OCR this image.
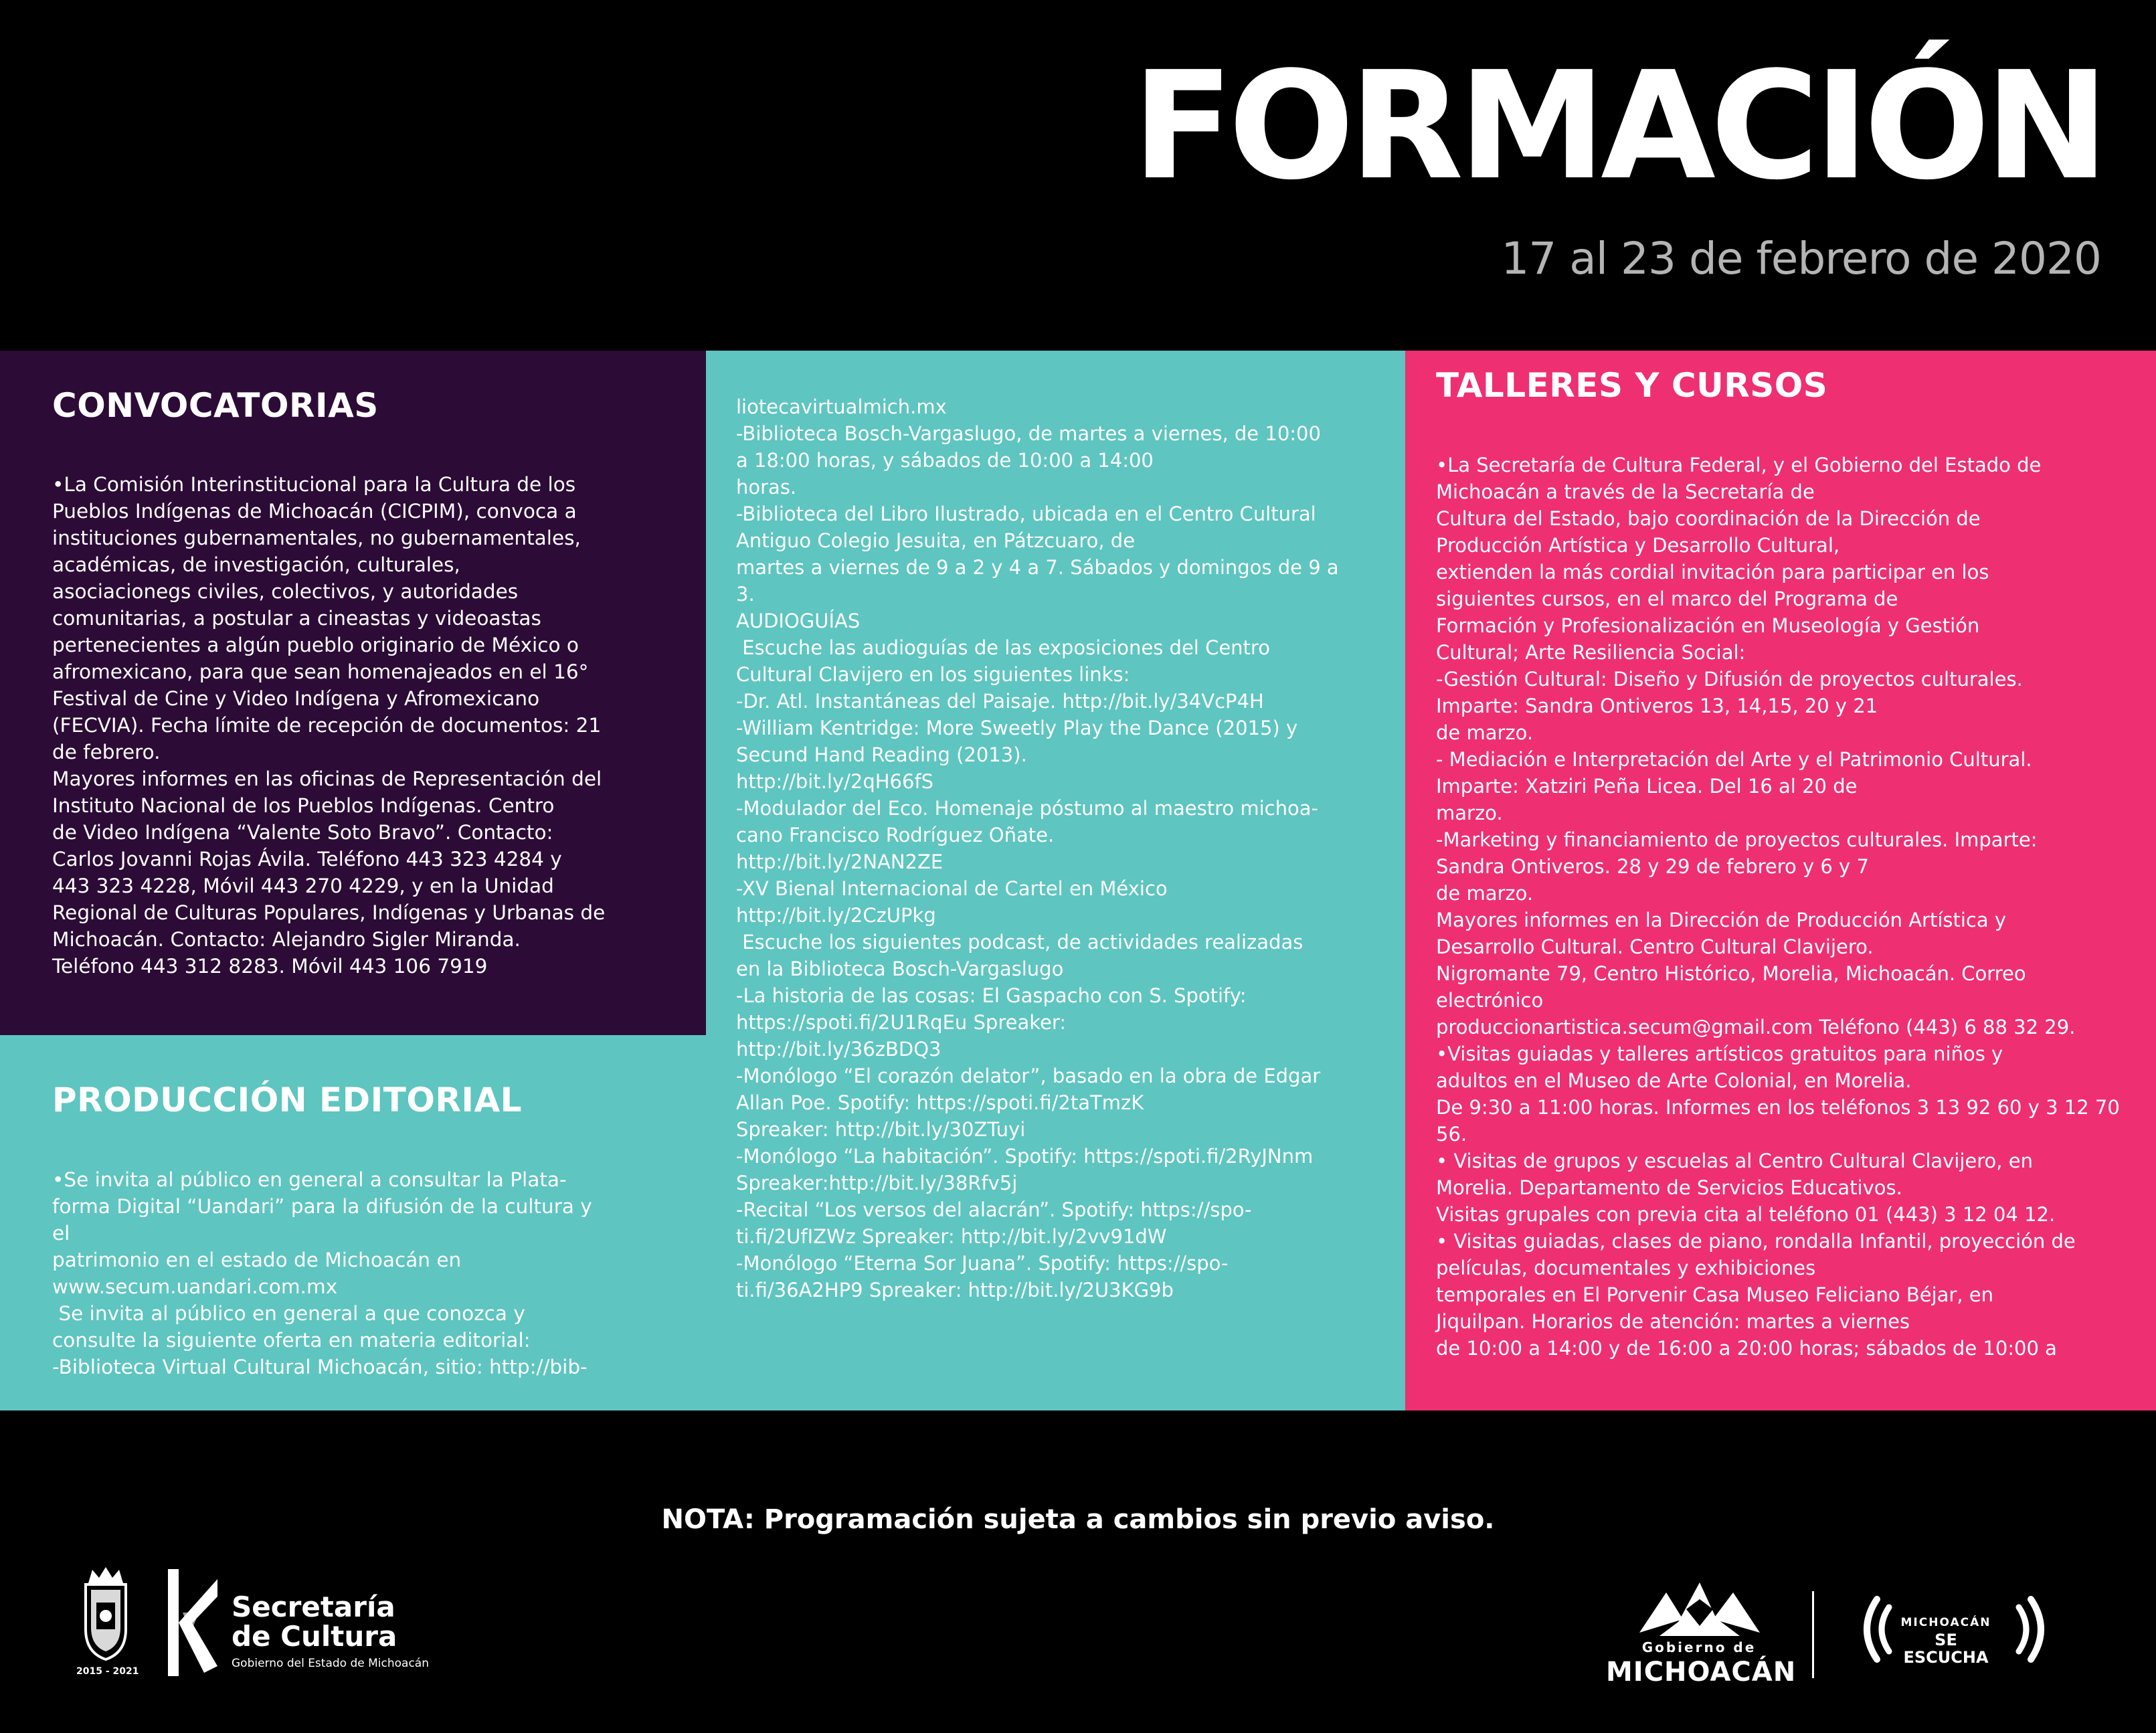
FORMACIÓN
17 al 23 de febrero de 2020
CONVOCATORIAS

•La Comisión Interinstitucional para la Cultura de los
Pueblos Indígenas de Michoacán (CICPIM), convoca a
instituciones gubernamentales, no gubernamentales,
académicas, de investigación, culturales,
asociacionegs civiles, colectivos, y autoridades
comunitarias, a postular a cineastas y videoastas
pertenecientes a algún pueblo originario de México o
afromexicano, para que sean homenajeados en el 16°
Festival de Cine y Video Indígena y Afromexicano
(FECVIA). Fecha límite de recepción de documentos: 21
de febrero.
Mayores informes en las oficinas de Representación del
Instituto Nacional de los Pueblos Indígenas. Centro
de Video Indígena “Valente Soto Bravo”. Contacto:
Carlos Jovanni Rojas Ávila. Teléfono 443 323 4284 y
443 323 4228, Móvil 443 270 4229, y en la Unidad
Regional de Culturas Populares, Indígenas y Urbanas de
Michoacán. Contacto: Alejandro Sigler Miranda.
Teléfono 443 312 8283. Móvil 443 106 7919

PRODUCCIÓN EDITORIAL

•Se invita al público en general a consultar la Plata-
forma Digital “Uandari” para la difusión de la cultura y
el
patrimonio en el estado de Michoacán en
www.secum.uandari.com.mx
Se invita al público en general a que conozca y
consulte la siguiente oferta en materia editorial:
-Biblioteca Virtual Cultural Michoacán, sitio: http://bib-

liotecavirtualmich.mx
-Biblioteca Bosch-Vargaslugo, de martes a viernes, de 10:00
a 18:00 horas, y sábados de 10:00 a 14:00
horas.
-Biblioteca del Libro Ilustrado, ubicada en el Centro Cultural
Antiguo Colegio Jesuita, en Pátzcuaro, de
martes a viernes de 9 a 2 y 4 a 7. Sábados y domingos de 9 a
3.
AUDIOGUÍAS
Escuche las audioguías de las exposiciones del Centro
Cultural Clavijero en los siguientes links:
-Dr. Atl. Instantáneas del Paisaje. http://bit.ly/34VcP4H
-William Kentridge: More Sweetly Play the Dance (2015) y
Secund Hand Reading (2013).
http://bit.ly/2qH66fS
-Modulador del Eco. Homenaje póstumo al maestro michoa-
cano Francisco Rodríguez Oñate.
http://bit.ly/2NAN2ZE
-XV Bienal Internacional de Cartel en México
http://bit.ly/2CzUPkg
Escuche los siguientes podcast, de actividades realizadas
en la Biblioteca Bosch-Vargaslugo
-La historia de las cosas: El Gaspacho con S. Spotify:
https://spoti.fi/2U1RqEu Spreaker:
http://bit.ly/36zBDQ3
-Monólogo “El corazón delator”, basado en la obra de Edgar
Allan Poe. Spotify: https://spoti.fi/2taTmzK
Spreaker: http://bit.ly/30ZTuyi
-Monólogo “La habitación”. Spotify: https://spoti.fi/2RyJNnm
Spreaker:http://bit.ly/38Rfv5j
-Recital “Los versos del alacrán”. Spotify: https://spo-
ti.fi/2UfIZWz Spreaker: http://bit.ly/2vv91dW
-Monólogo “Eterna Sor Juana”. Spotify: https://spo-
ti.fi/36A2HP9 Spreaker: http://bit.ly/2U3KG9b

TALLERES Y CURSOS

•La Secretaría de Cultura Federal, y el Gobierno del Estado de
Michoacán a través de la Secretaría de
Cultura del Estado, bajo coordinación de la Dirección de
Producción Artística y Desarrollo Cultural,
extienden la más cordial invitación para participar en los
siguientes cursos, en el marco del Programa de
Formación y Profesionalización en Museología y Gestión
Cultural; Arte Resiliencia Social:
-Gestión Cultural: Diseño y Difusión de proyectos culturales.
Imparte: Sandra Ontiveros 13, 14,15, 20 y 21
de marzo.
- Mediación e Interpretación del Arte y el Patrimonio Cultural.
Imparte: Xatziri Peña Licea. Del 16 al 20 de
marzo.
-Marketing y financiamiento de proyectos culturales. Imparte:
Sandra Ontiveros. 28 y 29 de febrero y 6 y 7
de marzo.
Mayores informes en la Dirección de Producción Artística y
Desarrollo Cultural. Centro Cultural Clavijero.
Nigromante 79, Centro Histórico, Morelia, Michoacán. Correo
electrónico
produccionartistica.secum@gmail.com Teléfono (443) 6 88 32 29.
•Visitas guiadas y talleres artísticos gratuitos para niños y
adultos en el Museo de Arte Colonial, en Morelia.
De 9:30 a 11:00 horas. Informes en los teléfonos 3 13 92 60 y 3 12 70
56.
• Visitas de grupos y escuelas al Centro Cultural Clavijero, en
Morelia. Departamento de Servicios Educativos.
Visitas grupales con previa cita al teléfono 01 (443) 3 12 04 12.
• Visitas guiadas, clases de piano, rondalla Infantil, proyección de
películas, documentales y exhibiciones
temporales en El Porvenir Casa Museo Feliciano Béjar, en
Jiquilpan. Horarios de atención: martes a viernes
de 10:00 a 14:00 y de 16:00 a 20:00 horas; sábados de 10:00 a

NOTA: Programación sujeta a cambios sin previo aviso.
2015 - 2021
Secretaría
de Cultura
Gobierno del Estado de Michoacán
Gobierno de
MICHOACÁN
MICHOACÁN
SE ESCUCHA
